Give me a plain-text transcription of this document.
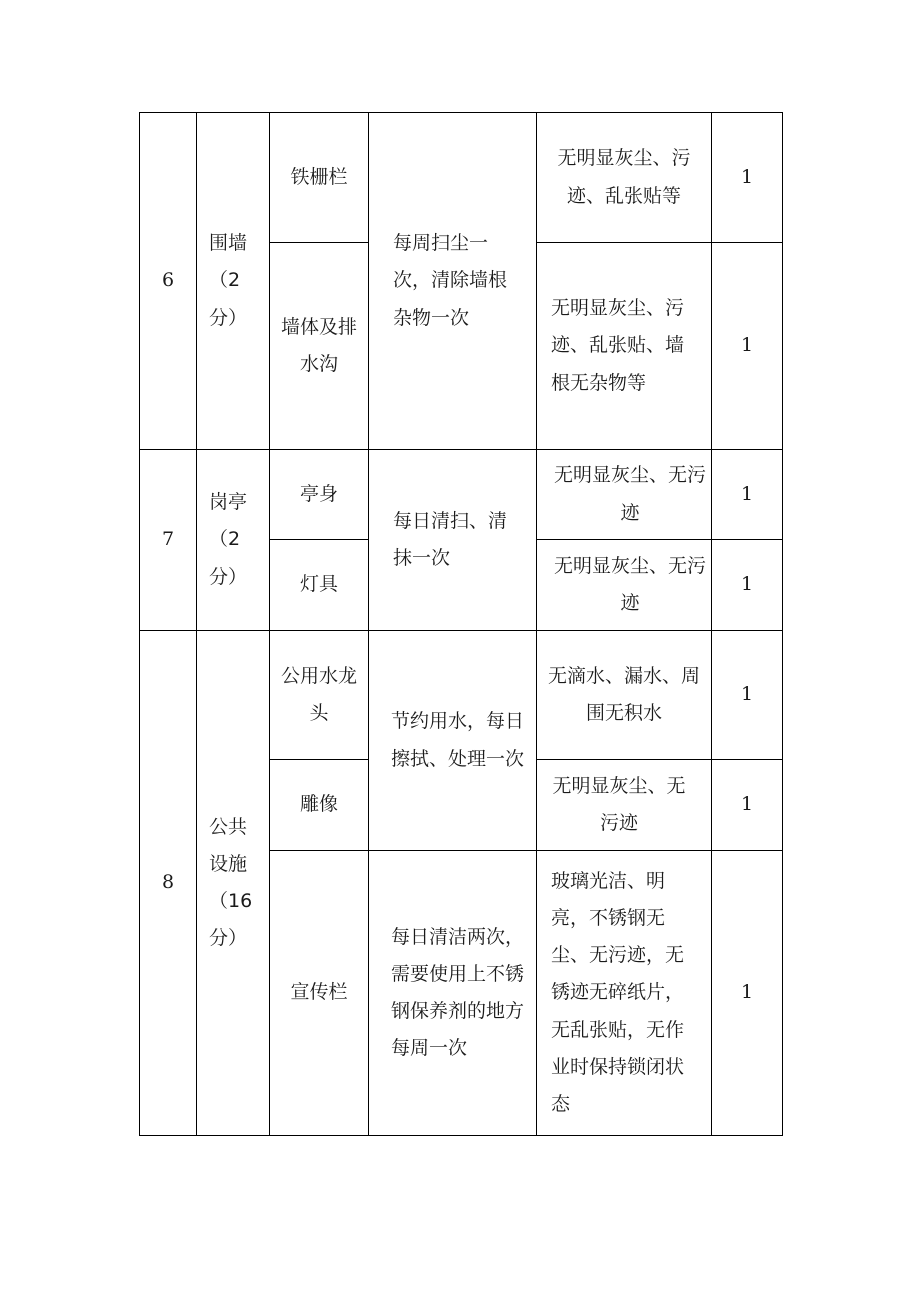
6	围墙（2分）	铁栅栏	每周扫尘一次，清除墙根杂物一次	无明显灰尘、污迹、乱张贴等	1
		墙体及排水沟		无明显灰尘、污迹、乱张贴、墙根无杂物等	1
7	岗亭（2分）	亭身	每日清扫、清抹一次	无明显灰尘、无污迹	1
		灯具		无明显灰尘、无污迹	1
8	公共设施（16分）	公用水龙头	节约用水，每日擦拭、处理一次	无滴水、漏水、周围无积水	1
		雕像		无明显灰尘、无污迹	1
		宣传栏	每日清洁两次，需要使用上不锈钢保养剂的地方每周一次	玻璃光洁、明亮，不锈钢无尘、无污迹，无锈迹无碎纸片，无乱张贴，无作业时保持锁闭状态	1
